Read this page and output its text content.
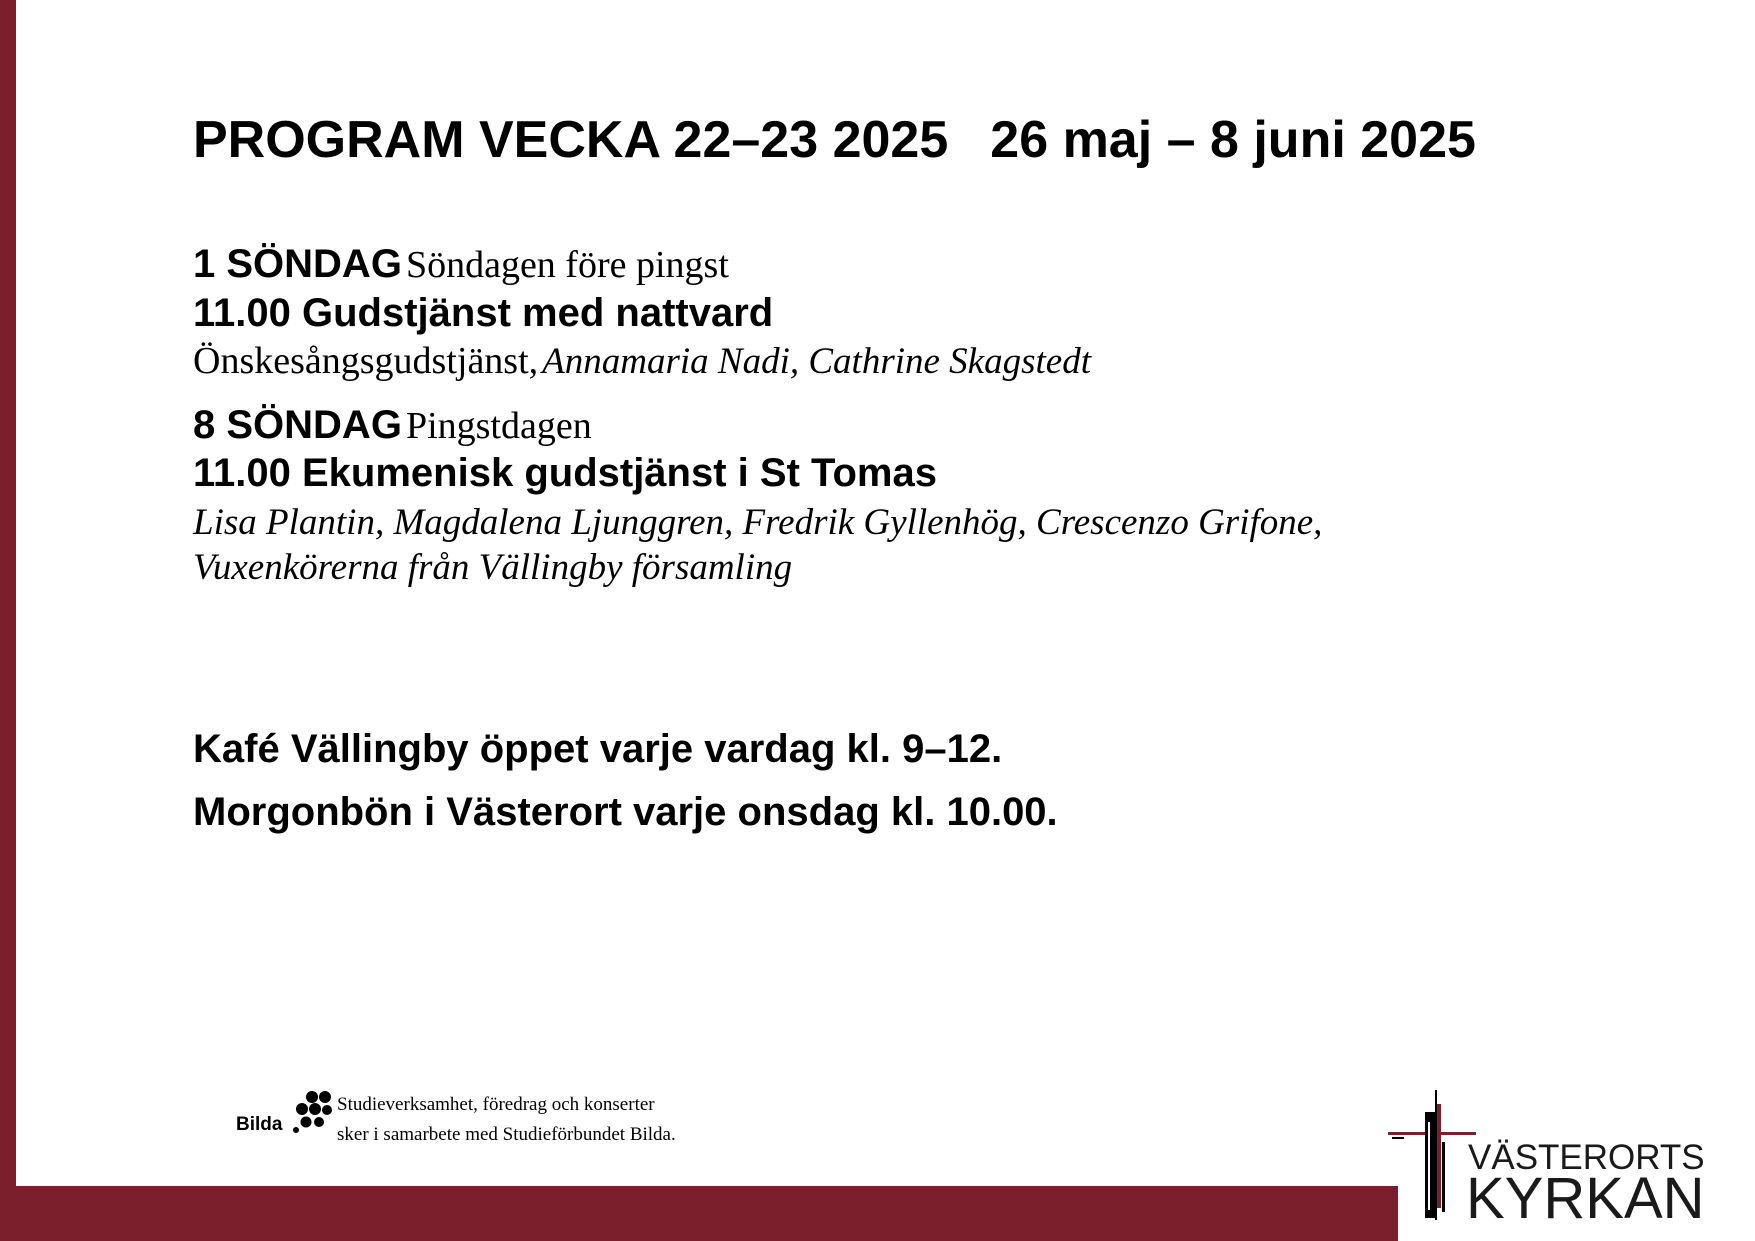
PROGRAM VECKA 22–23 2025 26 maj – 8 juni 2025
1 SÖNDAG Söndagen före pingst
11.00 Gudstjänst med nattvard
Önskesångsgudstjänst, Annamaria Nadi, Cathrine Skagstedt
8 SÖNDAG Pingstdagen
11.00 Ekumenisk gudstjänst i St Tomas
Lisa Plantin, Magdalena Ljunggren, Fredrik Gyllenhög, Crescenzo Grifone,
Vuxenkörerna från Vällingby församling
Kafé Vällingby öppet varje vardag kl. 9–12.
Morgonbön i Västerort varje onsdag kl. 10.00.
Bilda
Studieverksamhet, föredrag och konserter
sker i samarbete med Studieförbundet Bilda.
VÄSTERORTS
KYRKAN
